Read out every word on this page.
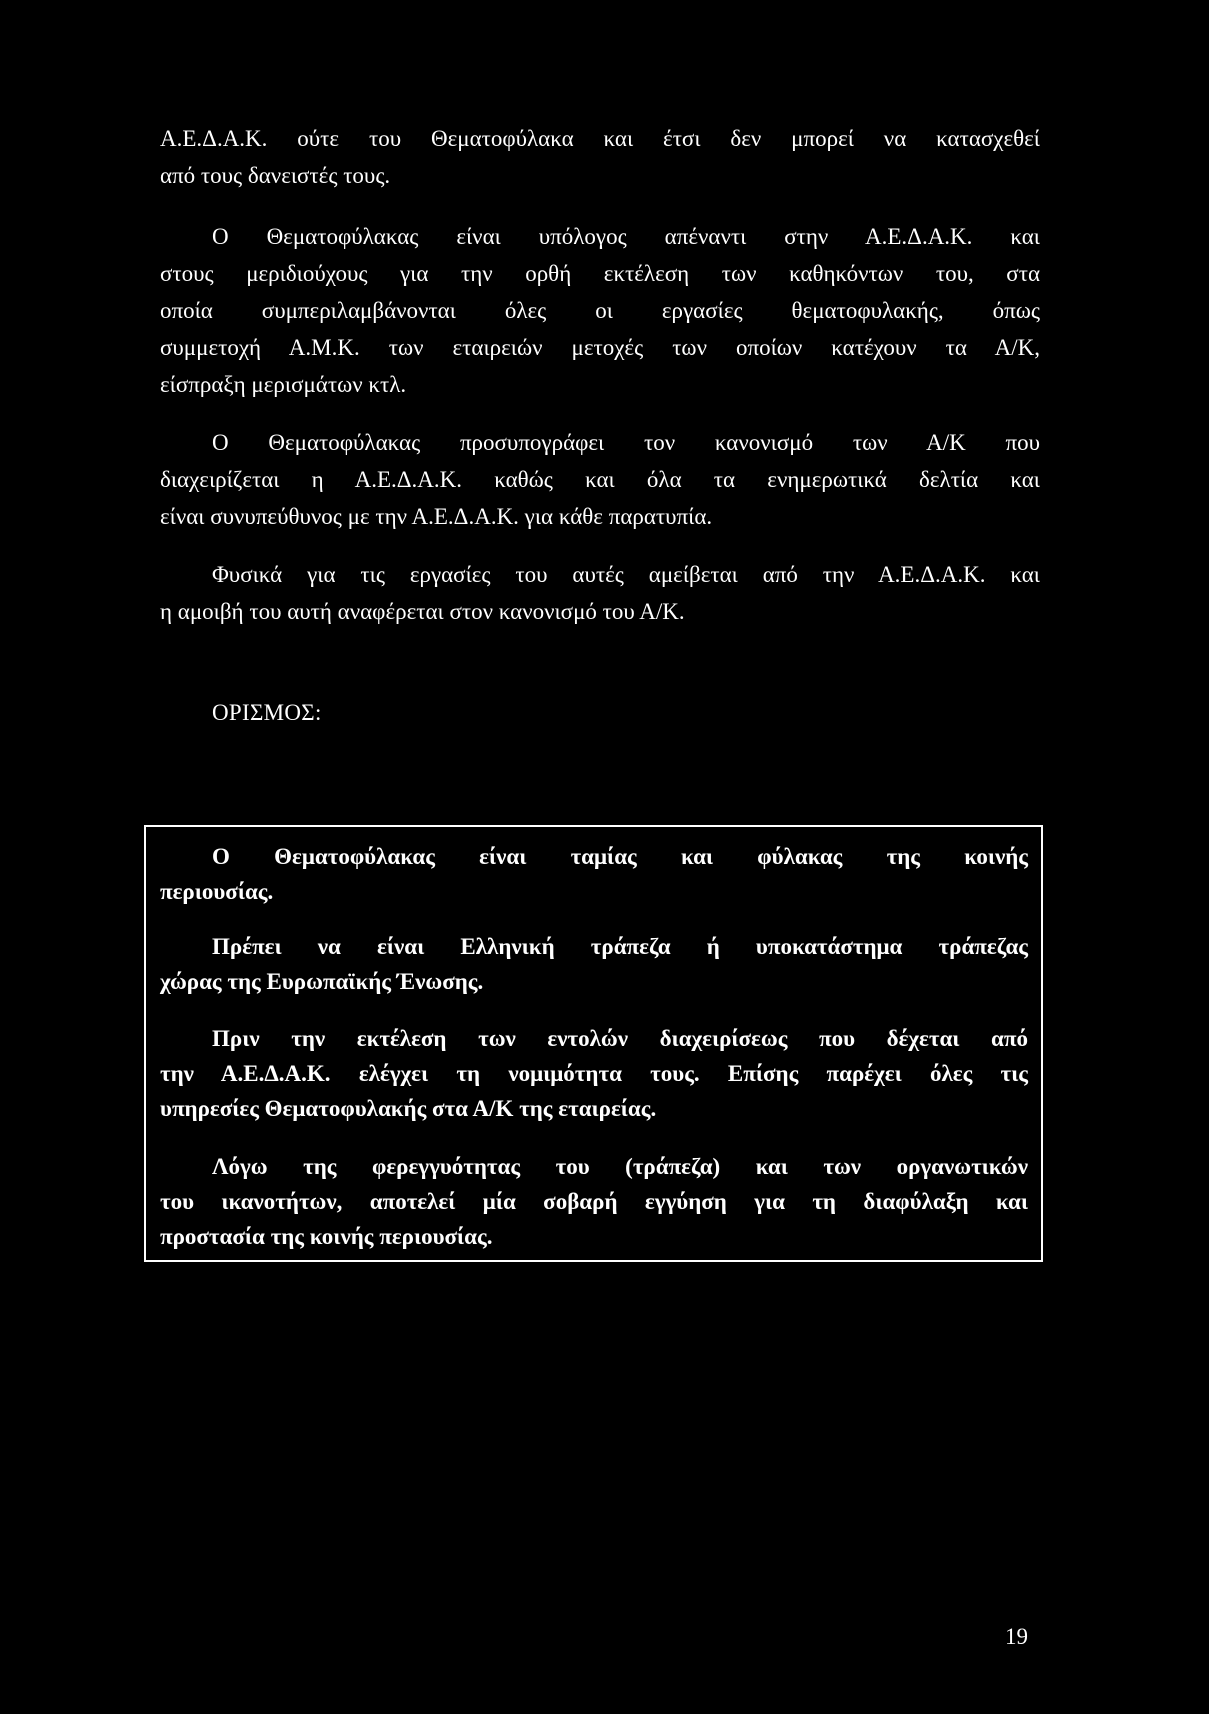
Α.Ε.Δ.Α.Κ. ούτε του Θεματοφύλακα και έτσι δεν μπορεί να κατασχεθεί
από τους δανειστές τους.

Ο Θεματοφύλακας είναι υπόλογος απέναντι στην Α.Ε.Δ.Α.Κ. και
στους μεριδιούχους για την ορθή εκτέλεση των καθηκόντων του, στα
οποία συμπεριλαμβάνονται όλες οι εργασίες θεματοφυλακής, όπως
συμμετοχή Α.Μ.Κ. των εταιρειών μετοχές των οποίων κατέχουν τα Α/Κ,
είσπραξη μερισμάτων κτλ.

Ο Θεματοφύλακας προσυπογράφει τον κανονισμό των Α/Κ που
διαχειρίζεται η Α.Ε.Δ.Α.Κ. καθώς και όλα τα ενημερωτικά δελτία και
είναι συνυπεύθυνος με την Α.Ε.Δ.Α.Κ. για κάθε παρατυπία.

Φυσικά για τις εργασίες του αυτές αμείβεται από την Α.Ε.Δ.Α.Κ. και
η αμοιβή του αυτή αναφέρεται στον κανονισμό του Α/Κ.

ΟΡΙΣΜΟΣ:

Ο Θεματοφύλακας είναι ταμίας και φύλακας της κοινής
περιουσίας.

Πρέπει να είναι Ελληνική τράπεζα ή υποκατάστημα τράπεζας
χώρας της Ευρωπαϊκής Ένωσης.

Πριν την εκτέλεση των εντολών διαχειρίσεως που δέχεται από
την Α.Ε.Δ.Α.Κ. ελέγχει τη νομιμότητα τους. Επίσης παρέχει όλες τις
υπηρεσίες Θεματοφυλακής στα Α/Κ της εταιρείας.

Λόγω της φερεγγυότητας του (τράπεζα) και των οργανωτικών
του ικανοτήτων, αποτελεί μία σοβαρή εγγύηση για τη διαφύλαξη και
προστασία της κοινής περιουσίας.

19
